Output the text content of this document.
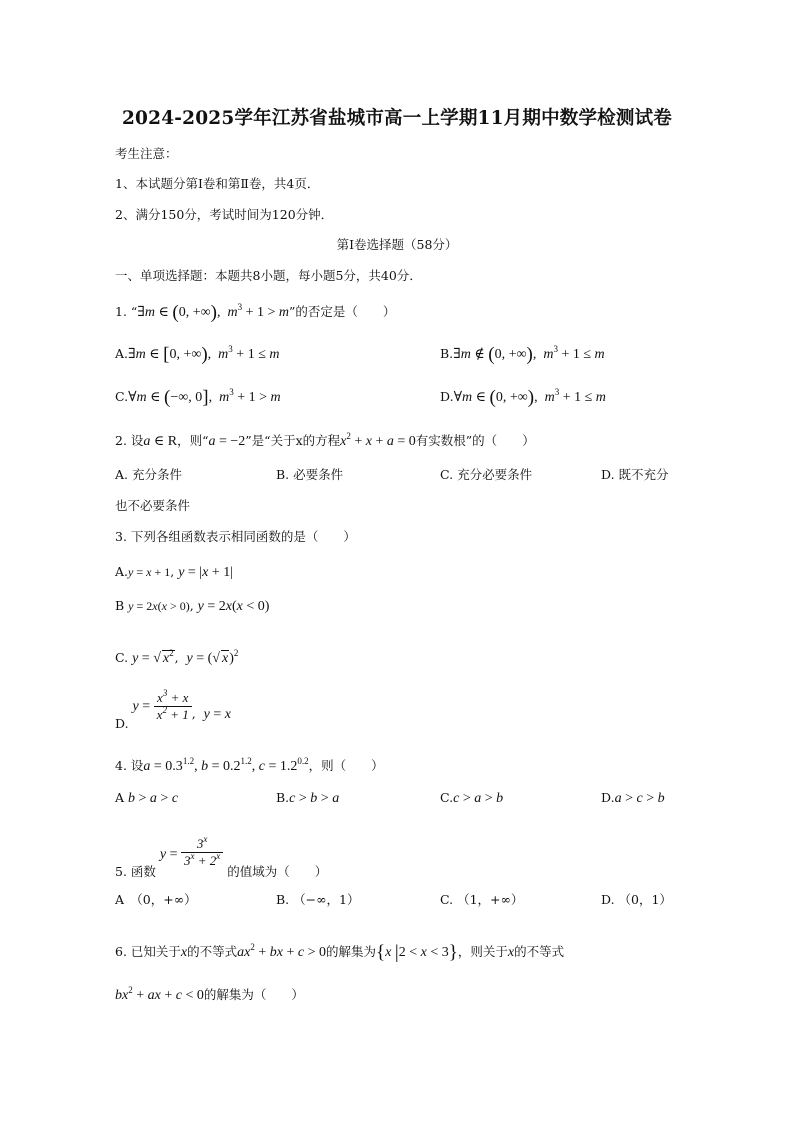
2024-2025学年江苏省盐城市高一上学期11月期中数学检测试卷
考生注意：
1、本试题分第Ⅰ卷和第Ⅱ卷，共4页．
2、满分150分，考试时间为120分钟．
第Ⅰ卷选择题（58分）
一、单项选择题：本题共8小题，每小题5分，共40分．
1. “∃m ∈ (0, +∞),  $m^3 + 1 > m$”的否定是（　　）
A.∃m ∈ [0, +∞),  $m^3 + 1 \le m$	B.∃m ∉ (0, +∞),  $m^3 + 1 \le m$
C.∀m ∈ (−∞, 0],  $m^3 + 1 > m$	D.∀m ∈ (0, +∞),  $m^3 + 1 \le m$
2. 设a ∈ R，则“a = −2”是“关于x的方程$x^2 + x + a = 0$有实数根”的（　　）
A. 充分条件	B. 必要条件	C. 充分必要条件	D. 既不充分
也不必要条件
3. 下列各组函数表示相同函数的是（　　）
A.y = x + 1, y = |x + 1|
B y = 2x(x > 0), y = 2x(x < 0)
C. y = √ $x^2$,  y = (√ x)$^2$
D. $y = \frac{x^3 + x}{x^2 + 1}$ ,  y = x
4. 设$a = 0.3^{1.2}$, $b = 0.2^{1.2}$, $c = 1.2^{0.2}$，则（　　）
A b > a > c	B.c > b > a	C.c > a > b	D.a > c > b
5. 函数 $y = \frac{3^x}{3^x + 2^x}$
的值域为（　　）
A　（0，+∞）	B. （−∞，1）	C. （1，+∞）	D. （0，1）
6. 已知关于x的不等式$ax^2$ + bx + c > 0的解集为{x |2 < x < 3}，则关于x的不等式
$bx^2$ + ax + c < 0的解集为（　　）
